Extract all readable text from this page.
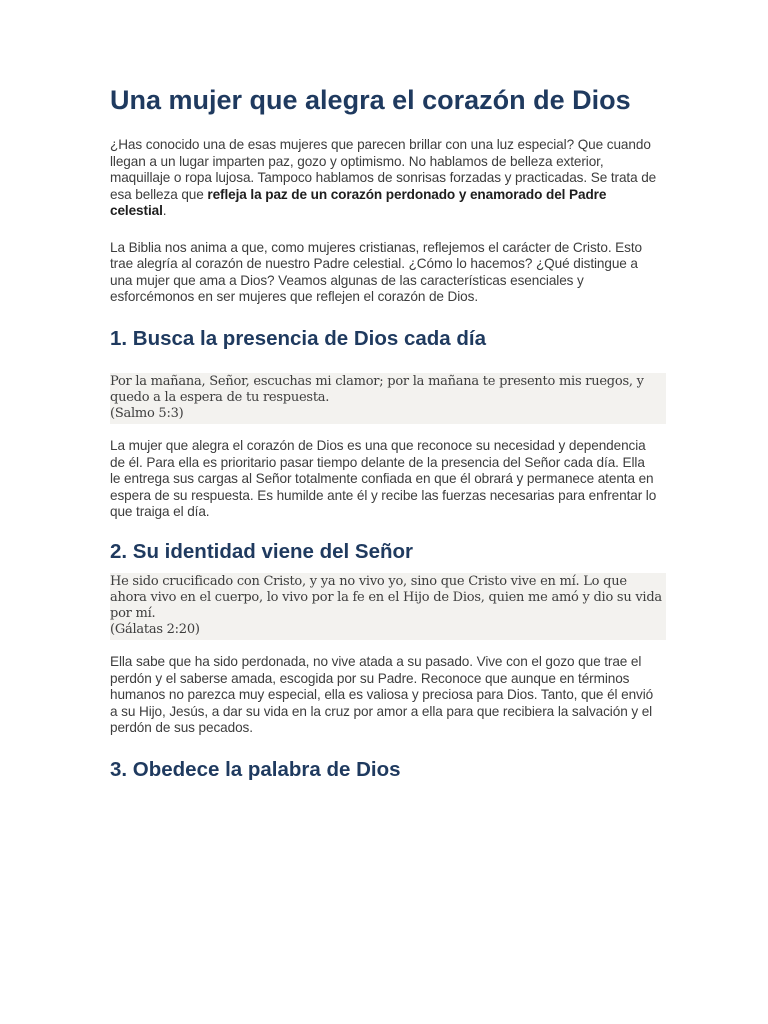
Una mujer que alegra el corazón de Dios

¿Has conocido una de esas mujeres que parecen brillar con una luz especial? Que cuando llegan a un lugar imparten paz, gozo y optimismo. No hablamos de belleza exterior, maquillaje o ropa lujosa. Tampoco hablamos de sonrisas forzadas y practicadas. Se trata de esa belleza que refleja la paz de un corazón perdonado y enamorado del Padre celestial.

La Biblia nos anima a que, como mujeres cristianas, reflejemos el carácter de Cristo. Esto trae alegría al corazón de nuestro Padre celestial. ¿Cómo lo hacemos? ¿Qué distingue a una mujer que ama a Dios? Veamos algunas de las características esenciales y esforcémonos en ser mujeres que reflejen el corazón de Dios.

1. Busca la presencia de Dios cada día

Por la mañana, Señor, escuchas mi clamor; por la mañana te presento mis ruegos, y quedo a la espera de tu respuesta.

(Salmo 5:3)

La mujer que alegra el corazón de Dios es una que reconoce su necesidad y dependencia de él. Para ella es prioritario pasar tiempo delante de la presencia del Señor cada día. Ella le entrega sus cargas al Señor totalmente confiada en que él obrará y permanece atenta en espera de su respuesta. Es humilde ante él y recibe las fuerzas necesarias para enfrentar lo que traiga el día.

2. Su identidad viene del Señor

He sido crucificado con Cristo, y ya no vivo yo, sino que Cristo vive en mí. Lo que ahora vivo en el cuerpo, lo vivo por la fe en el Hijo de Dios, quien me amó y dio su vida por mí.

(Gálatas 2:20)

Ella sabe que ha sido perdonada, no vive atada a su pasado. Vive con el gozo que trae el perdón y el saberse amada, escogida por su Padre. Reconoce que aunque en términos humanos no parezca muy especial, ella es valiosa y preciosa para Dios. Tanto, que él envió a su Hijo, Jesús, a dar su vida en la cruz por amor a ella para que recibiera la salvación y el perdón de sus pecados.

3. Obedece la palabra de Dios
